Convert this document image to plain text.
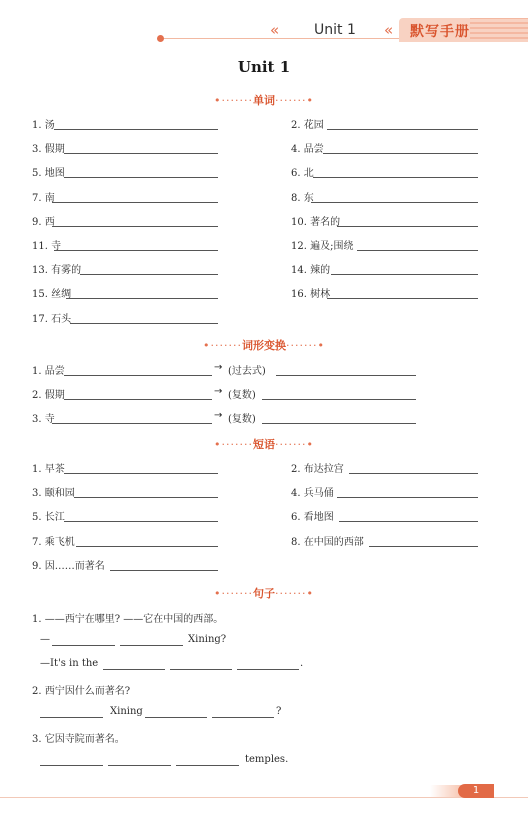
« Unit 1 « 默写手册
Unit 1
•·······单词·······•
•·······词形变换·······•
•·······短语·······•
•·······句子·······•
1. 汤	2. 花园
3. 假期	4. 品尝
5. 地图	6. 北
7. 南	8. 东
9. 西	10. 著名的
11. 寺	12. 遍及;围绕
13. 有雾的	14. 辣的
15. 丝绸	16. 树林
17. 石头
1. 品尝	→ (过去式)
2. 假期	→ (复数)
3. 寺	→ (复数)
1. 早茶	2. 布达拉宫
3. 颐和园	4. 兵马俑
5. 长江	6. 看地图
7. 乘飞机	8. 在中国的西部
9. 因……而著名
1. ——西宁在哪里? ——它在中国的西部。
—	Xining?
—It's in the	.
2. 西宁因什么而著名?
Xining	?
3. 它因寺院而著名。
temples.
1
